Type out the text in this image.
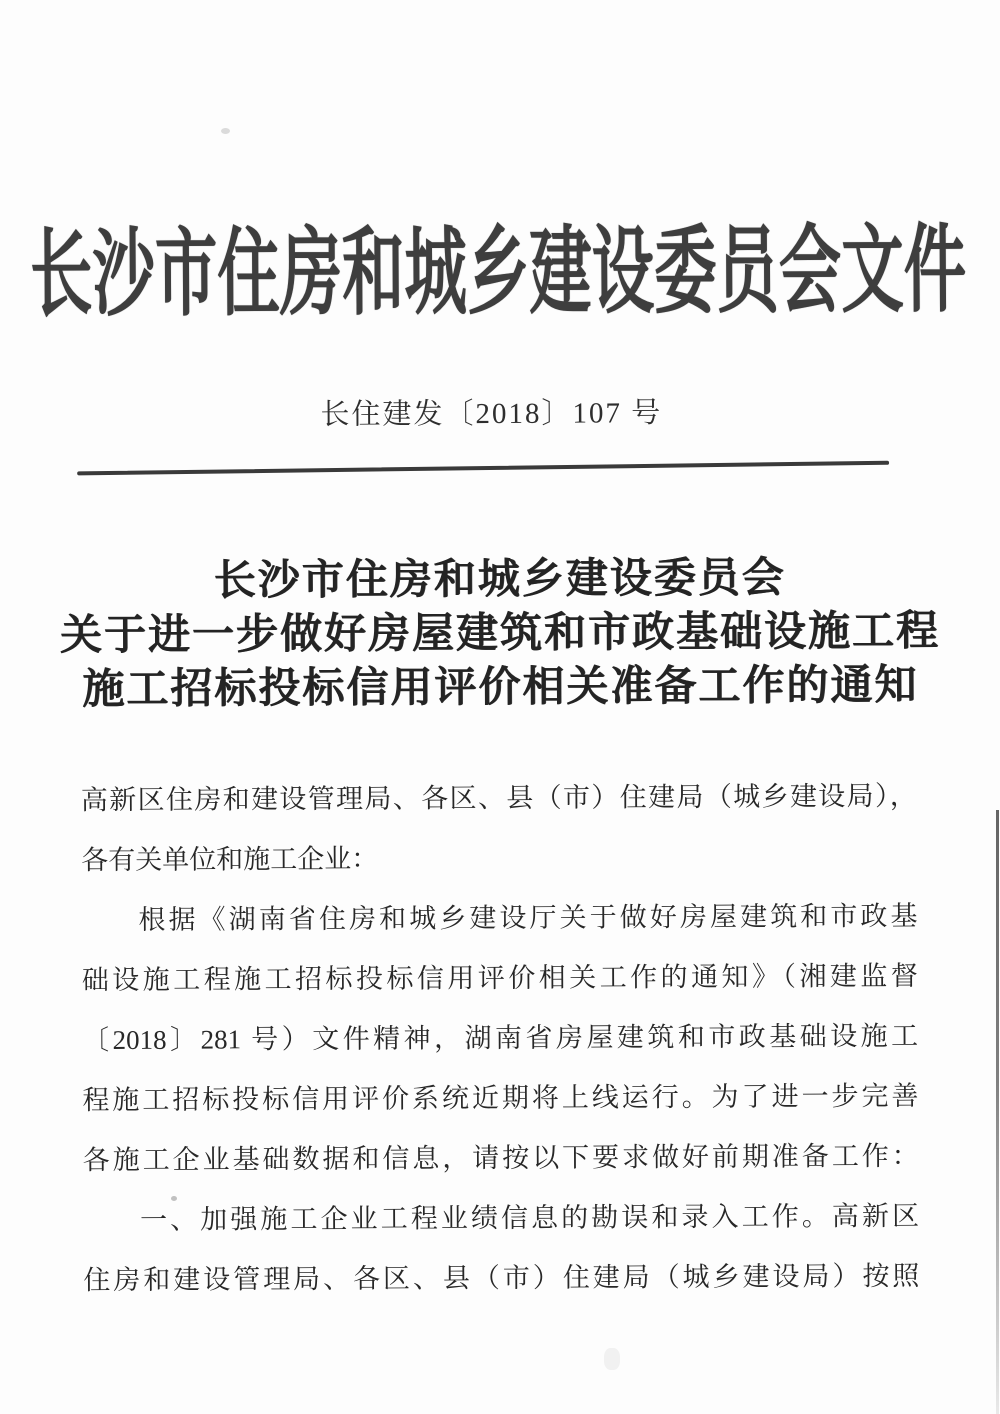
长沙市住房和城乡建设委员会文件
长住建发〔2018〕107 号
长沙市住房和城乡建设委员会
关于进一步做好房屋建筑和市政基础设施工程
施工招标投标信用评价相关准备工作的通知

高新区住房和建设管理局、各区、县（市）住建局（城乡建设局），

各有关单位和施工企业：

根据《湖南省住房和城乡建设厅关于做好房屋建筑和市政基

础设施工程施工招标投标信用评价相关工作的通知》（湘建监督

〔2018〕281 号）文件精神，湖南省房屋建筑和市政基础设施工

程施工招标投标信用评价系统近期将上线运行。为了进一步完善

各施工企业基础数据和信息，请按以下要求做好前期准备工作：

一、加强施工企业工程业绩信息的勘误和录入工作。高新区

住房和建设管理局、各区、县（市）住建局（城乡建设局）按照
